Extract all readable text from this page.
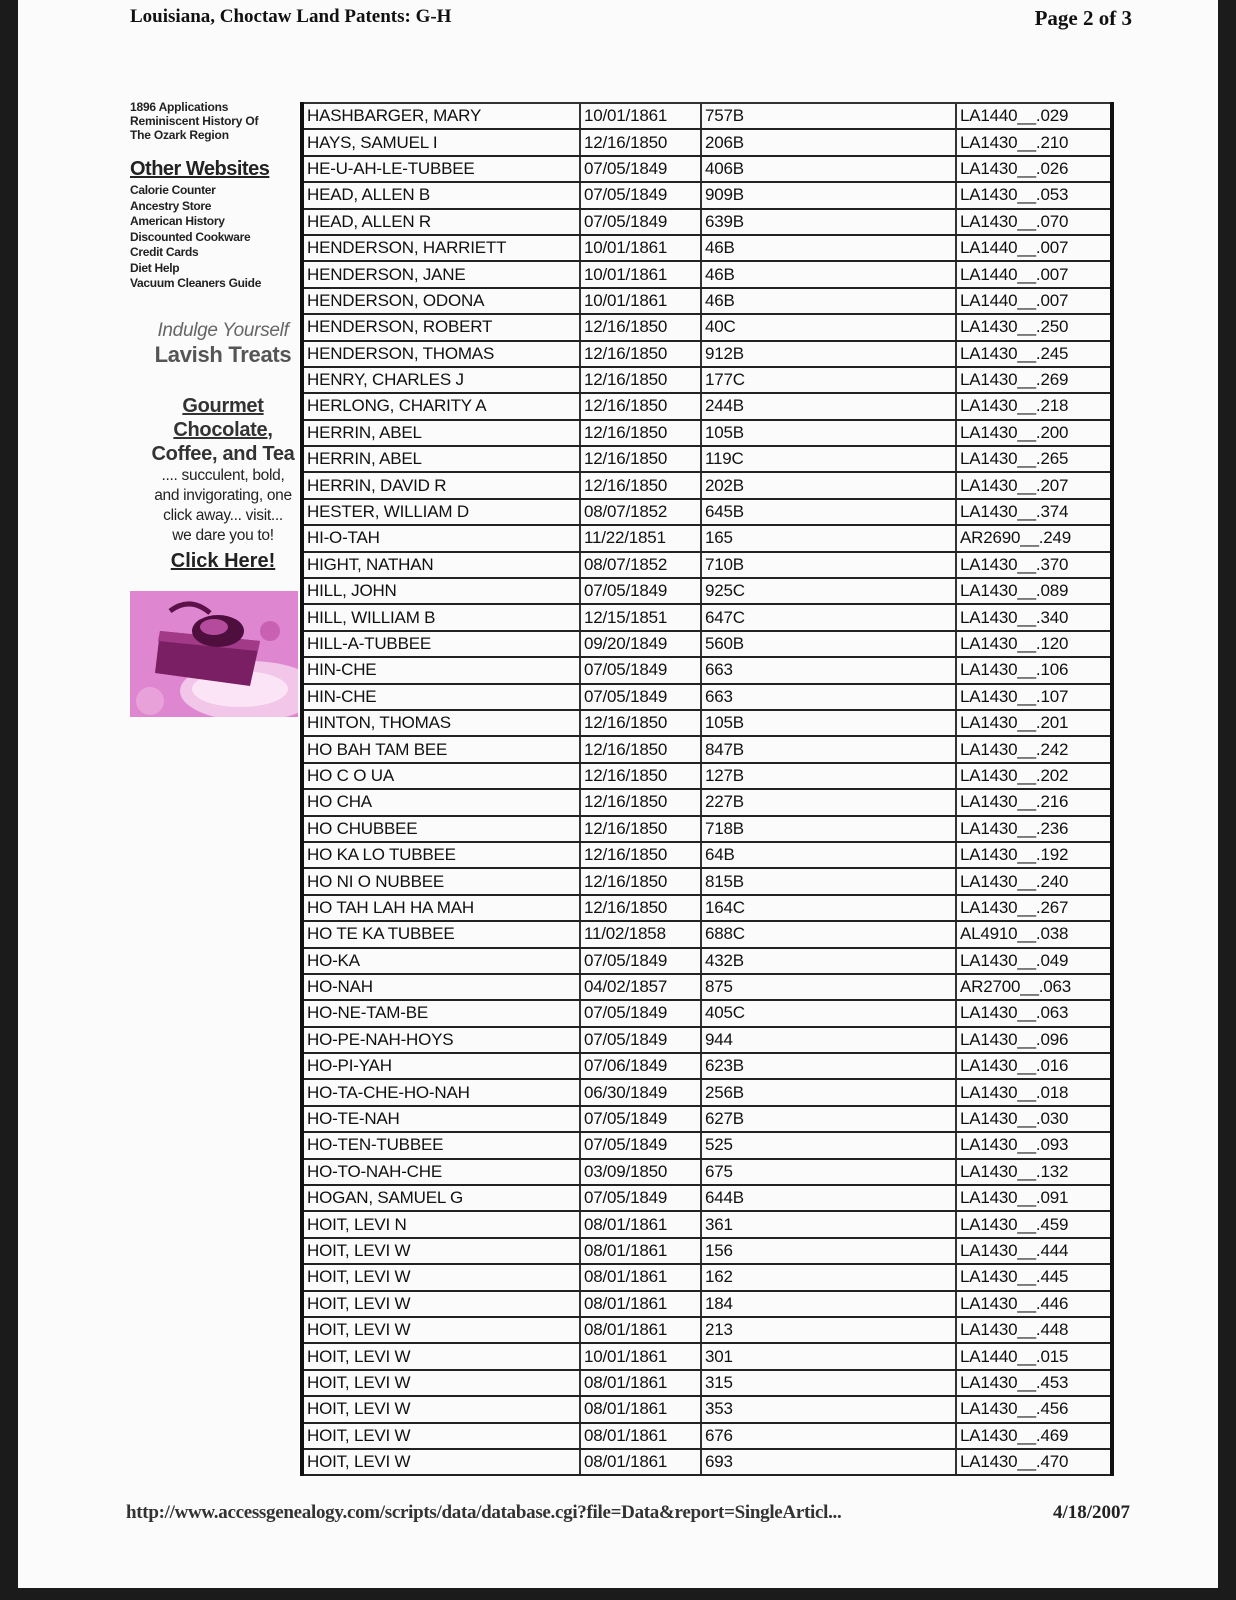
Louisiana, Choctaw Land Patents: G-H	Page 2 of 3
1896 Applications
Reminiscent History Of
The Ozark Region
Other Websites
Calorie Counter
Ancestry Store
American History
Discounted Cookware
Credit Cards
Diet Help
Vacuum Cleaners Guide
Indulge Yourself
Lavish Treats
Gourmet
Chocolate,
Coffee, and Tea
.... succulent, bold,
and invigorating, one
click away... visit...
we dare you to!
Click Here!
HASHBARGER, MARY	10/01/1861	757B	LA1440__.029
HAYS, SAMUEL I	12/16/1850	206B	LA1430__.210
HE-U-AH-LE-TUBBEE	07/05/1849	406B	LA1430__.026
HEAD, ALLEN B	07/05/1849	909B	LA1430__.053
HEAD, ALLEN R	07/05/1849	639B	LA1430__.070
HENDERSON, HARRIETT	10/01/1861	46B	LA1440__.007
HENDERSON, JANE	10/01/1861	46B	LA1440__.007
HENDERSON, ODONA	10/01/1861	46B	LA1440__.007
HENDERSON, ROBERT	12/16/1850	40C	LA1430__.250
HENDERSON, THOMAS	12/16/1850	912B	LA1430__.245
HENRY, CHARLES J	12/16/1850	177C	LA1430__.269
HERLONG, CHARITY A	12/16/1850	244B	LA1430__.218
HERRIN, ABEL	12/16/1850	105B	LA1430__.200
HERRIN, ABEL	12/16/1850	119C	LA1430__.265
HERRIN, DAVID R	12/16/1850	202B	LA1430__.207
HESTER, WILLIAM D	08/07/1852	645B	LA1430__.374
HI-O-TAH	11/22/1851	165	AR2690__.249
HIGHT, NATHAN	08/07/1852	710B	LA1430__.370
HILL, JOHN	07/05/1849	925C	LA1430__.089
HILL, WILLIAM B	12/15/1851	647C	LA1430__.340
HILL-A-TUBBEE	09/20/1849	560B	LA1430__.120
HIN-CHE	07/05/1849	663	LA1430__.106
HIN-CHE	07/05/1849	663	LA1430__.107
HINTON, THOMAS	12/16/1850	105B	LA1430__.201
HO BAH TAM BEE	12/16/1850	847B	LA1430__.242
HO C O UA	12/16/1850	127B	LA1430__.202
HO CHA	12/16/1850	227B	LA1430__.216
HO CHUBBEE	12/16/1850	718B	LA1430__.236
HO KA LO TUBBEE	12/16/1850	64B	LA1430__.192
HO NI O NUBBEE	12/16/1850	815B	LA1430__.240
HO TAH LAH HA MAH	12/16/1850	164C	LA1430__.267
HO TE KA TUBBEE	11/02/1858	688C	AL4910__.038
HO-KA	07/05/1849	432B	LA1430__.049
HO-NAH	04/02/1857	875	AR2700__.063
HO-NE-TAM-BE	07/05/1849	405C	LA1430__.063
HO-PE-NAH-HOYS	07/05/1849	944	LA1430__.096
HO-PI-YAH	07/06/1849	623B	LA1430__.016
HO-TA-CHE-HO-NAH	06/30/1849	256B	LA1430__.018
HO-TE-NAH	07/05/1849	627B	LA1430__.030
HO-TEN-TUBBEE	07/05/1849	525	LA1430__.093
HO-TO-NAH-CHE	03/09/1850	675	LA1430__.132
HOGAN, SAMUEL G	07/05/1849	644B	LA1430__.091
HOIT, LEVI N	08/01/1861	361	LA1430__.459
HOIT, LEVI W	08/01/1861	156	LA1430__.444
HOIT, LEVI W	08/01/1861	162	LA1430__.445
HOIT, LEVI W	08/01/1861	184	LA1430__.446
HOIT, LEVI W	08/01/1861	213	LA1430__.448
HOIT, LEVI W	10/01/1861	301	LA1440__.015
HOIT, LEVI W	08/01/1861	315	LA1430__.453
HOIT, LEVI W	08/01/1861	353	LA1430__.456
HOIT, LEVI W	08/01/1861	676	LA1430__.469
HOIT, LEVI W	08/01/1861	693	LA1430__.470
http://www.accessgenealogy.com/scripts/data/database.cgi?file=Data&report=SingleArticl...	4/18/2007
